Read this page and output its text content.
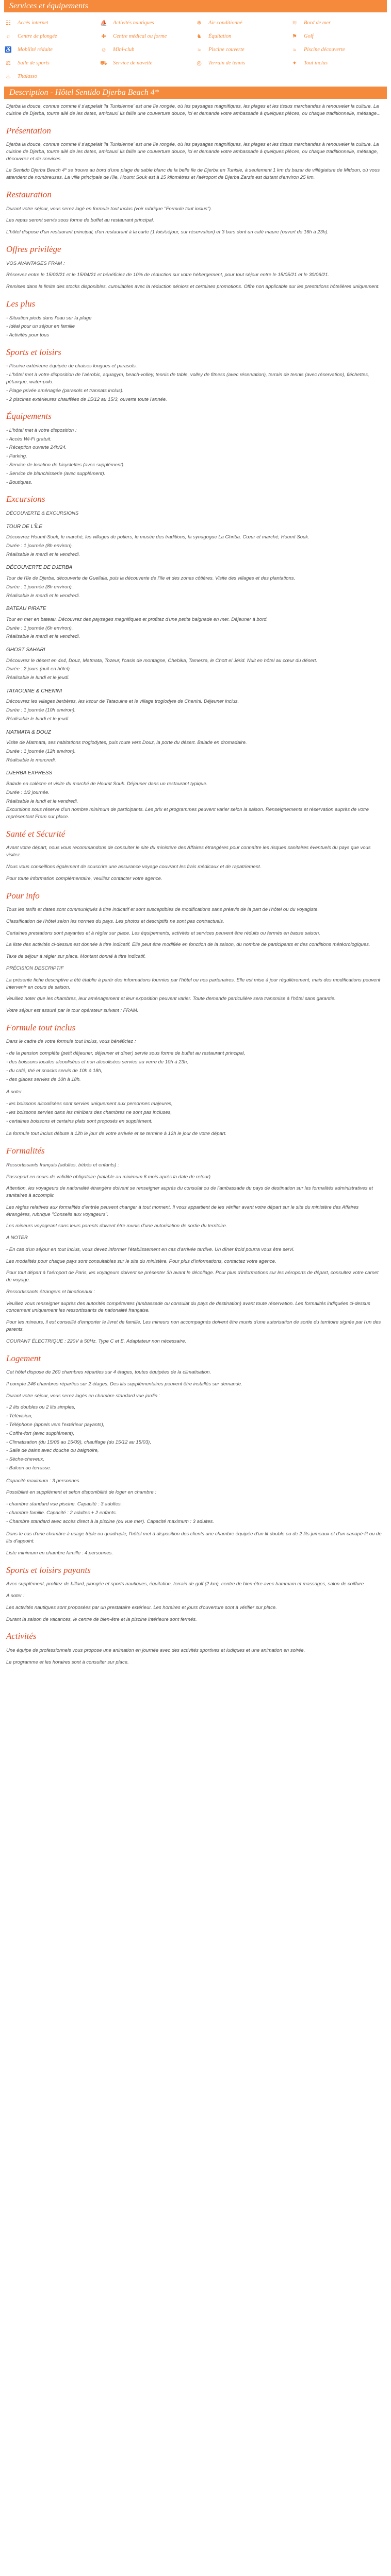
Services et équipements
☷ Accès internet	⛵ Activités nautiques	❄	Air conditionné	≋	Bord de mer
☼ Centre de plongée	✚	Centre médical ou forme	♞ Équitation	⚑ Golf
♿ Mobilité réduite	☺ Mini-club	≈	Piscine couverte	≈	Piscine découverte
⚖ Salle de sports	⛟ Service de navette	◎	Terrain de tennis	✦	Tout inclus
♨ Thalasso
Description - Hôtel Sentido Djerba Beach 4*

Djerba la douce, connue comme il s'appelait 'la Tunisienne' est une île rongée, où les paysages magnifiques, les plages et les tissus marchandes à renouveler la culture. La cuisine de Djerba, tourte ailé de les dates, amicaux! Ils faille une couverture douce, ici et demande votre ambassade à quelques pièces, ou chaque traditionnelle, métisage...

Présentation

Djerba la douce, connue comme il s'appelait 'la Tunisienne' est une île rongée, où les paysages magnifiques, les plages et les tissus marchandes à renouveler la culture. La cuisine de Djerba, tourte ailé de les dates, amicaux! Ils faille une couverture douce, ici et demande votre ambassade à quelques pièces, ou chaque traditionnelle, métisage, découvrez et de services.

Le Sentido Djerba Beach 4* se trouve au bord d'une plage de sable blanc de la belle île de Djerba en Tunisie, à seulement 1 km du bazar de villégiature de Midoun, où vous attendent de nombreuses. La ville principale de l'île, Houmt Souk est à 15 kilomètres et l'aéroport de Djerba Zarzis est distant d'environ 25 km.

Restauration

Durant votre séjour, vous serez logé en formule tout inclus (voir rubrique "Formule tout inclus").

Les repas seront servis sous forme de buffet au restaurant principal.

L'hôtel dispose d'un restaurant principal, d'un restaurant à la carte (1 fois/séjour, sur réservation) et 3 bars dont un café maure (ouvert de 16h à 23h).

Offres privilège

VOS AVANTAGES FRAM :

Réservez entre le 15/02/21 et le 15/04/21 et bénéficiez de 10% de réduction sur votre hébergement, pour tout séjour entre le 15/05/21 et le 30/06/21.

Remises dans la limite des stocks disponibles, cumulables avec la réduction séniors et certaines promotions. Offre non applicable sur les prestations hôtelières uniquement.

Les plus
- Situation pieds dans l'eau sur la plage
- Idéal pour un séjour en famille
- Activités pour tous
Sports et loisirs
- Piscine extérieure équipée de chaises longues et parasols.
- L'hôtel met à votre disposition de l'aérobic, aquagym, beach-volley, tennis de table, volley de fitness (avec réservation), terrain de tennis (avec réservation), fléchettes, pétanque, water-polo.
- Plage privée aménagée (parasols et transats inclus).
- 2 piscines extérieures chauffées de 15/12 au 15/3, ouverte toute l'année.
Équipements
- L'hôtel met à votre disposition :
- Accès Wi-Fi gratuit.
- Réception ouverte 24h/24.
- Parking.
- Service de location de bicyclettes (avec supplément).
- Service de blanchisserie (avec supplément).
- Boutiques.
Excursions

DÉCOUVERTE & EXCURSIONS

TOUR DE L'ÎLE
Découvrez Houmt-Souk, le marché, les villages de potiers, le musée des traditions, la synagogue La Ghriba. Cœur et marché, Houmt Souk.
Durée : 1 journée (8h environ).
Réalisable le mardi et le vendredi.
DÉCOUVERTE DE DJERBA
Tour de l'île de Djerba, découverte de Guellala, puis la découverte de l'île et des zones côtières. Visite des villages et des plantations.
Durée : 1 journée (8h environ).
Réalisable le mardi et le vendredi.
BATEAU PIRATE
Tour en mer en bateau. Découvrez des paysages magnifiques et profitez d'une petite baignade en mer. Déjeuner à bord.
Durée : 1 journée (6h environ).
Réalisable le mardi et le vendredi.
GHOST SAHARI
Découvrez le désert en 4x4, Douz, Matmata, Tozeur, l'oasis de montagne, Chebika, Tamerza, le Chott el Jérid. Nuit en hôtel au cœur du désert.
Durée : 2 jours (nuit en hôtel).
Réalisable le lundi et le jeudi.
TATAOUINE & CHENINI
Découvrez les villages berbères, les ksour de Tataouine et le village troglodyte de Chenini. Déjeuner inclus.
Durée : 1 journée (10h environ).
Réalisable le lundi et le jeudi.
MATMATA & DOUZ
Visite de Matmata, ses habitations troglodytes, puis route vers Douz, la porte du désert. Balade en dromadaire.
Durée : 1 journée (12h environ).
Réalisable le mercredi.
DJERBA EXPRESS
Balade en calèche et visite du marché de Houmt Souk. Déjeuner dans un restaurant typique.
Durée : 1/2 journée.
Réalisable le lundi et le vendredi.

Excursions sous réserve d'un nombre minimum de participants. Les prix et programmes peuvent varier selon la saison. Renseignements et réservation auprès de votre représentant Fram sur place.

Santé et Sécurité

Avant votre départ, nous vous recommandons de consulter le site du ministère des Affaires étrangères pour connaître les risques sanitaires éventuels du pays que vous visitez.

Nous vous conseillons également de souscrire une assurance voyage couvrant les frais médicaux et de rapatriement.

Pour toute information complémentaire, veuillez contacter votre agence.

Pour info

Tous les tarifs et dates sont communiqués à titre indicatif et sont susceptibles de modifications sans préavis de la part de l'hôtel ou du voyagiste.

Classification de l'hôtel selon les normes du pays. Les photos et descriptifs ne sont pas contractuels.

Certaines prestations sont payantes et à régler sur place. Les équipements, activités et services peuvent être réduits ou fermés en basse saison.

La liste des activités ci-dessus est donnée à titre indicatif. Elle peut être modifiée en fonction de la saison, du nombre de participants et des conditions météorologiques.

Taxe de séjour à régler sur place. Montant donné à titre indicatif.

PRÉCISION DESCRIPTIF

La présente fiche descriptive a été établie à partir des informations fournies par l'hôtel ou nos partenaires. Elle est mise à jour régulièrement, mais des modifications peuvent intervenir en cours de saison.

Veuillez noter que les chambres, leur aménagement et leur exposition peuvent varier. Toute demande particulière sera transmise à l'hôtel sans garantie.

Votre séjour est assuré par le tour opérateur suivant : FRAM.

Formule tout inclus

Dans le cadre de votre formule tout inclus, vous bénéficiez :

- de la pension complète (petit déjeuner, déjeuner et dîner) servie sous forme de buffet au restaurant principal,
- des boissons locales alcoolisées et non alcoolisées servies au verre de 10h à 23h,
- du café, thé et snacks servis de 10h à 18h,
- des glaces servies de 10h à 18h.

A noter :

- les boissons alcoolisées sont servies uniquement aux personnes majeures,
- les boissons servies dans les minibars des chambres ne sont pas incluses,
- certaines boissons et certains plats sont proposés en supplément.

La formule tout inclus débute à 12h le jour de votre arrivée et se termine à 12h le jour de votre départ.

Formalités

Ressortissants français (adultes, bébés et enfants) :

Passeport en cours de validité obligatoire (valable au minimum 6 mois après la date de retour).

Attention, les voyageurs de nationalité étrangère doivent se renseigner auprès du consulat ou de l'ambassade du pays de destination sur les formalités administratives et sanitaires à accomplir.

Les règles relatives aux formalités d'entrée peuvent changer à tout moment. Il vous appartient de les vérifier avant votre départ sur le site du ministère des Affaires étrangères, rubrique "Conseils aux voyageurs".

Les mineurs voyageant sans leurs parents doivent être munis d'une autorisation de sortie du territoire.

A NOTER

- En cas d'un séjour en tout inclus, vous devez informer l'établissement en cas d'arrivée tardive. Un dîner froid pourra vous être servi.

Les modalités pour chaque pays sont consultables sur le site du ministère. Pour plus d'informations, contactez votre agence.

Pour tout départ à l'aéroport de Paris, les voyageurs doivent se présenter 3h avant le décollage. Pour plus d'informations sur les aéroports de départ, consultez votre carnet de voyage.

Ressortissants étrangers et binationaux :

Veuillez vous renseigner auprès des autorités compétentes (ambassade ou consulat du pays de destination) avant toute réservation. Les formalités indiquées ci-dessus concernent uniquement les ressortissants de nationalité française.

Pour les mineurs, il est conseillé d'emporter le livret de famille. Les mineurs non accompagnés doivent être munis d'une autorisation de sortie du territoire signée par l'un des parents.

COURANT ÉLECTRIQUE : 220V à 50Hz. Type C et E. Adaptateur non nécessaire.

Logement

Cet hôtel dispose de 260 chambres réparties sur 4 étages, toutes équipées de la climatisation.

Il compte 246 chambres réparties sur 2 étages. Des lits supplémentaires peuvent être installés sur demande.

Durant votre séjour, vous serez logés en chambre standard vue jardin :

- 2 lits doubles ou 2 lits simples,
- Télévision,
- Téléphone (appels vers l'extérieur payants),
- Coffre-fort (avec supplément),
- Climatisation (du 15/06 au 15/09), chauffage (du 15/12 au 15/03),
- Salle de bains avec douche ou baignoire,
- Sèche-cheveux,
- Balcon ou terrasse.

Capacité maximum : 3 personnes.

Possibilité en supplément et selon disponibilité de loger en chambre :

- chambre standard vue piscine. Capacité : 3 adultes.
- chambre famille. Capacité : 2 adultes + 2 enfants.
- Chambre standard avec accès direct à la piscine (ou vue mer). Capacité maximum : 3 adultes.

Dans le cas d'une chambre à usage triple ou quadruple, l'hôtel met à disposition des clients une chambre équipée d'un lit double ou de 2 lits jumeaux et d'un canapé-lit ou de lits d'appoint.

Liste minimum en chambre famille : 4 personnes.

Sports et loisirs payants

Avec supplément, profitez de billard, plongée et sports nautiques, équitation, terrain de golf (2 km), centre de bien-être avec hammam et massages, salon de coiffure.

A noter :

Les activités nautiques sont proposées par un prestataire extérieur. Les horaires et jours d'ouverture sont à vérifier sur place.

Durant la saison de vacances, le centre de bien-être et la piscine intérieure sont fermés.

Activités

Une équipe de professionnels vous propose une animation en journée avec des activités sportives et ludiques et une animation en soirée.

Le programme et les horaires sont à consulter sur place.
